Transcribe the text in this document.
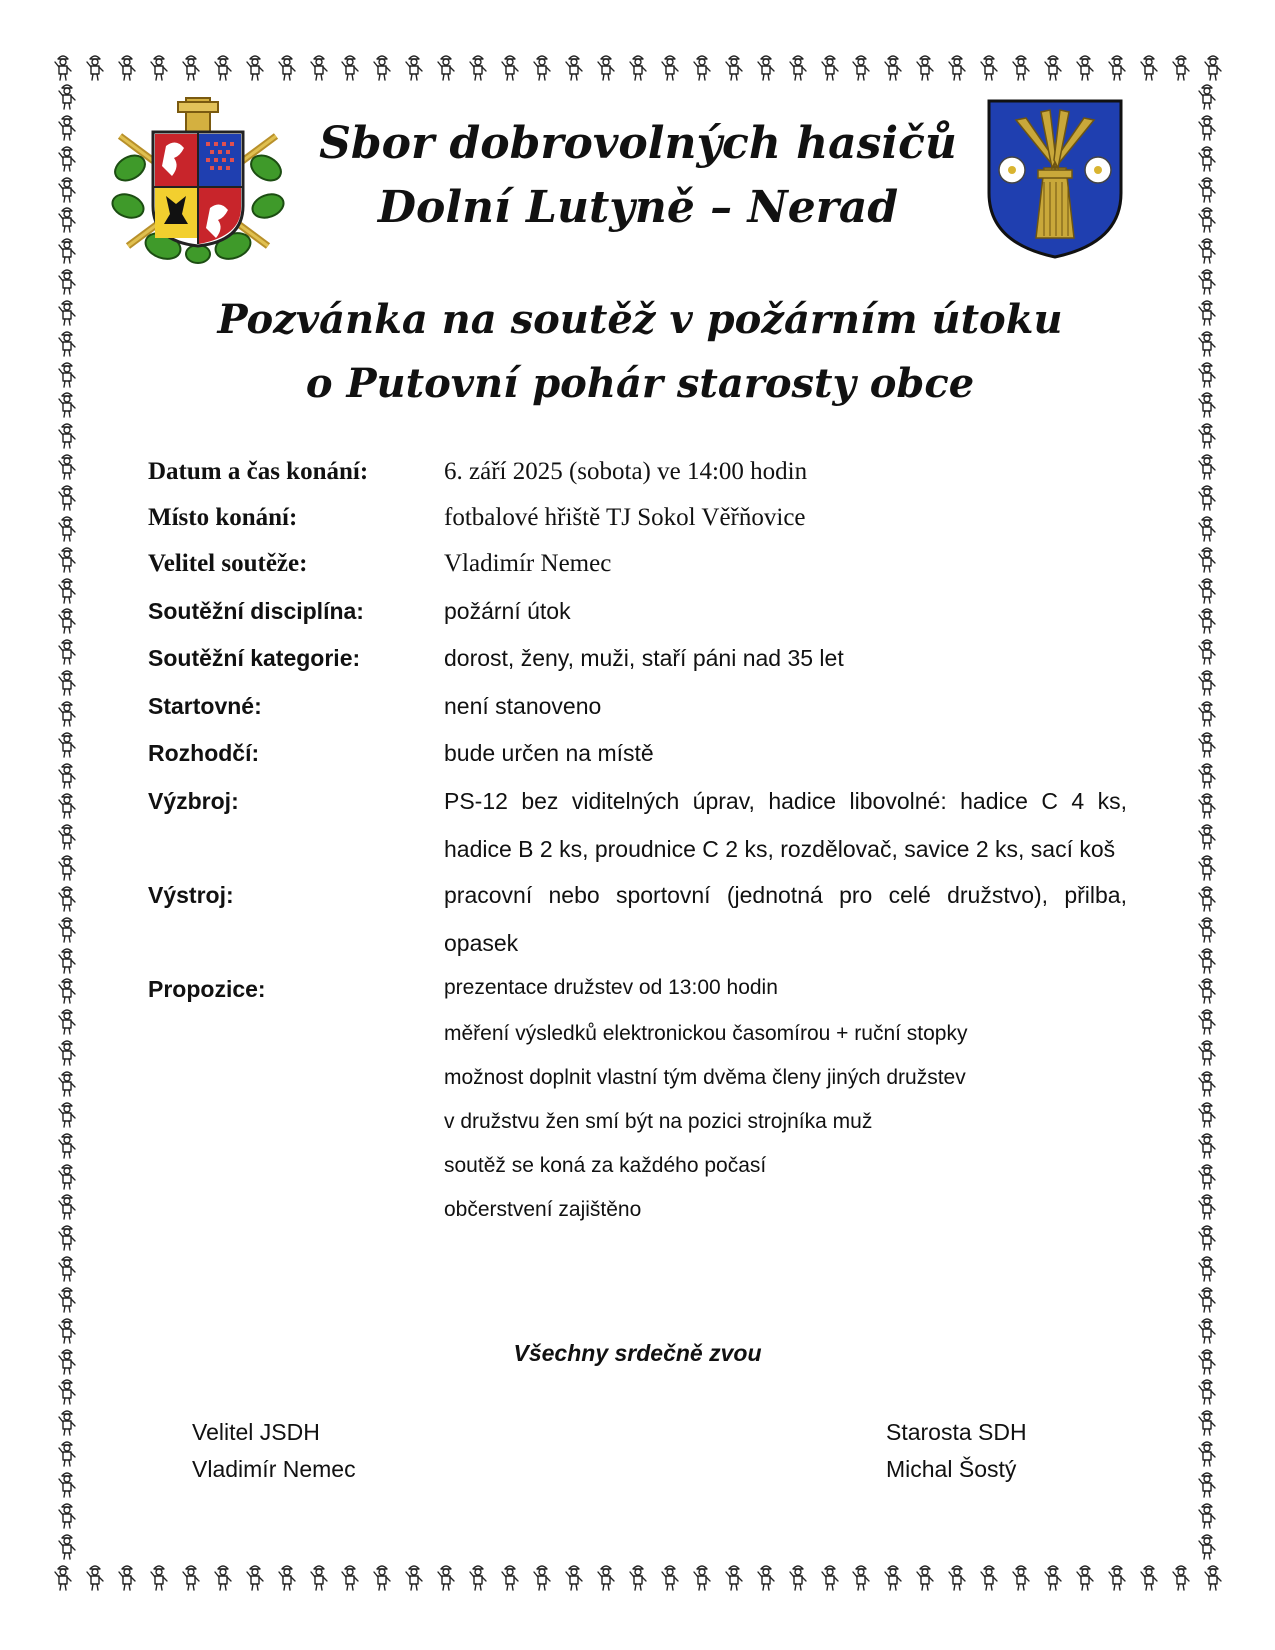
Sbor dobrovolných hasičů
Dolní Lutyně – Nerad
Pozvánka na soutěž v požárním útoku
o Putovní pohár starosty obce
Datum a čas konání:	6. září 2025 (sobota) ve 14:00 hodin
Místo konání:	fotbalové hřiště TJ Sokol Věřňovice
Velitel soutěže:	Vladimír Nemec
Soutěžní disciplína:	požární útok
Soutěžní kategorie:	dorost, ženy, muži, staří páni nad 35 let
Startovné:	není stanoveno
Rozhodčí:	bude určen na místě
Výzbroj:	PS-12 bez viditelných úprav, hadice libovolné: hadice C 4 ks,
hadice B 2 ks, proudnice C 2 ks, rozdělovač, savice 2 ks, sací koš
Výstroj:	pracovní nebo sportovní (jednotná pro celé družstvo), přilba,
opasek
Propozice:	prezentace družstev od 13:00 hodin
měření výsledků elektronickou časomírou + ruční stopky
možnost doplnit vlastní tým dvěma členy jiných družstev
v družstvu žen smí být na pozici strojníka muž
soutěž se koná za každého počasí
občerstvení zajištěno
Všechny srdečně zvou
Velitel JSDH
Vladimír Nemec
Starosta SDH
Michal Šostý
